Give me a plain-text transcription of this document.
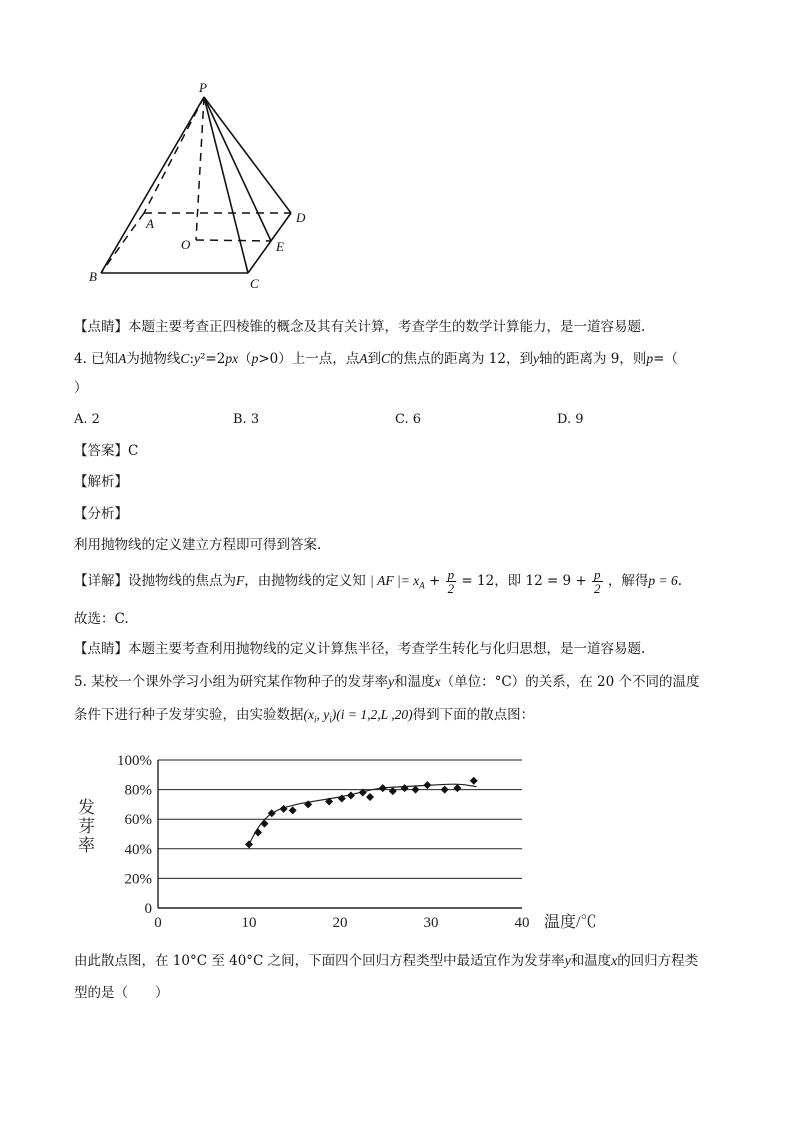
P
A
B	C
D
O	E
【点睛】本题主要考查正四棱锥的概念及其有关计算，考查学生的数学计算能力，是一道容易题.
4. 已知A为抛物线C:y²=2px（p>0）上一点，点A到C的焦点的距离为 12，到y轴的距离为 9，则p=（
）
A. 2	B. 3	C. 6	D. 9
【答案】C
【解析】
【分析】
利用抛物线的定义建立方程即可得到答案.
【详解】设抛物线的焦点为F，由抛物线的定义知 | AF |= $x_A + \frac{p}{2} = 12$，即 $12 = 9 + \frac{p}{2}$ ，解得p = 6.
故选：C.
【点睛】本题主要考查利用抛物线的定义计算焦半径，考查学生转化与化归思想，是一道容易题.
5. 某校一个课外学习小组为研究某作物种子的发芽率y和温度x（单位：°C）的关系，在 20 个不同的温度
条件下进行种子发芽实验，由实验数据($x_i$, $y_i)(i = 1,2,L$ ,20)得到下面的散点图：
0
20%
40%
60%
80%
100%
0	10	20	30	40
发芽率
温度/℃
由此散点图，在 10°C 至 40°C 之间，下面四个回归方程类型中最适宜作为发芽率y和温度x的回归方程类
型的是（　　）
